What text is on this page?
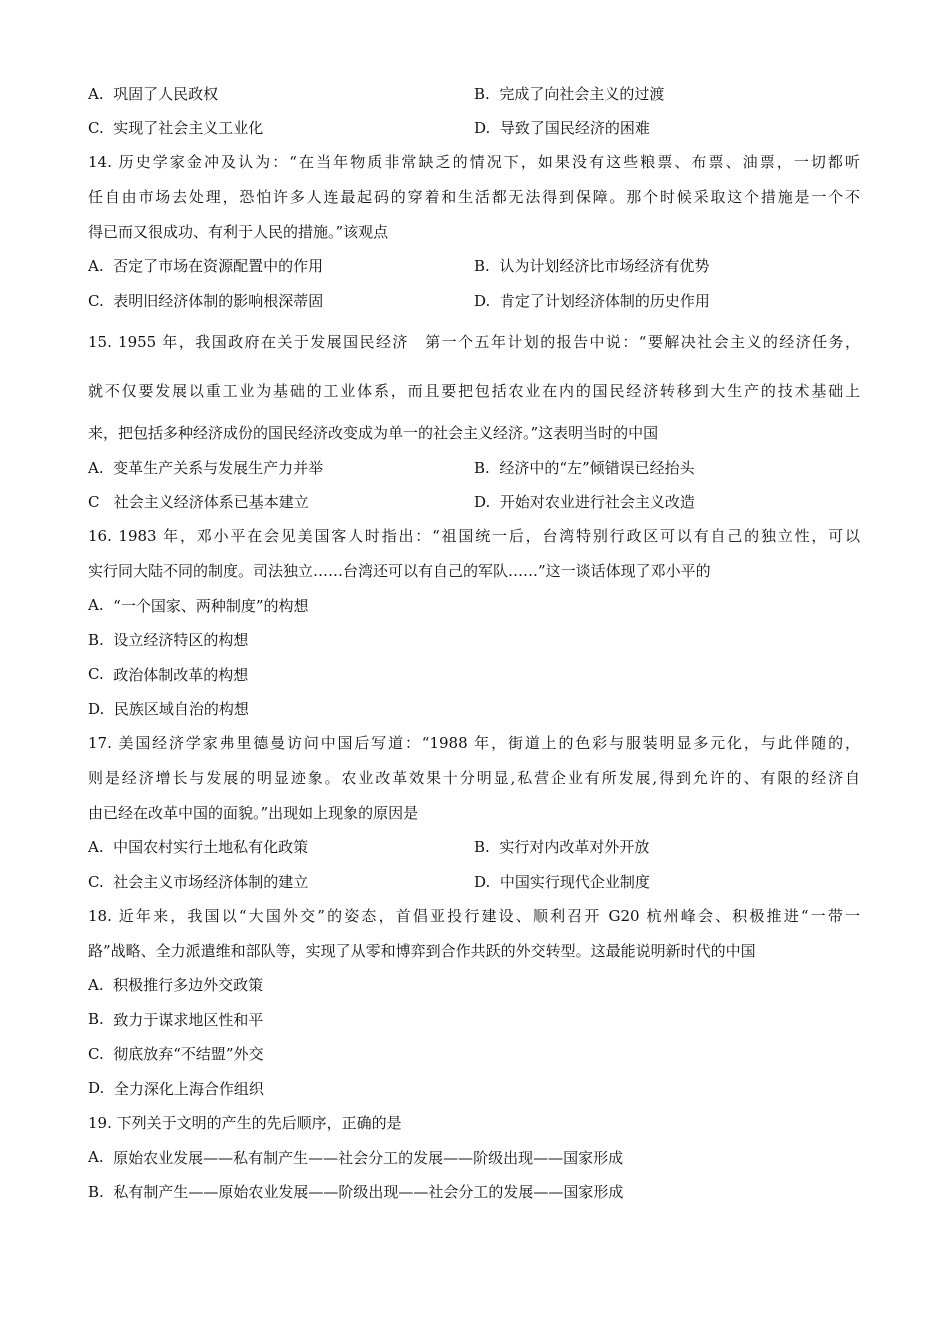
A. 巩固了人民政权	B. 完成了向社会主义的过渡
C. 实现了社会主义工业化	D. 导致了国民经济的困难
14. 历史学家金冲及认为：“在当年物质非常缺乏的情况下，如果没有这些粮票、布票、油票，一切都听
任自由市场去处理，恐怕许多人连最起码的穿着和生活都无法得到保障。那个时候采取这个措施是一个不
得已而又很成功、有利于人民的措施。”该观点
A. 否定了市场在资源配置中的作用	B. 认为计划经济比市场经济有优势
C. 表明旧经济体制的影响根深蒂固	D. 肯定了计划经济体制的历史作用
15. 1955 年，我国政府在关于发展国民经济　第一个五年计划的报告中说：“要解决社会主义的经济任务，
就不仅要发展以重工业为基础的工业体系，而且要把包括农业在内的国民经济转移到大生产的技术基础上
来，把包括多种经济成份的国民经济改变成为单一的社会主义经济。”这表明当时的中国
A. 变革生产关系与发展生产力并举	B. 经济中的“左”倾错误已经抬头
C 社会主义经济体系已基本建立	D. 开始对农业进行社会主义改造
16. 1983 年，邓小平在会见美国客人时指出：“祖国统一后，台湾特别行政区可以有自己的独立性，可以
实行同大陆不同的制度。司法独立……台湾还可以有自己的军队……”这一谈话体现了邓小平的
A.
“一个国家、两种制度”的构想
B.
设立经济特区的构想
C.
政治体制改革的构想
D.
民族区域自治的构想
17. 美国经济学家弗里德曼访问中国后写道：“1988 年，街道上的色彩与服装明显多元化，与此伴随的，
则是经济增长与发展的明显迹象。农业改革效果十分明显,私营企业有所发展,得到允许的、有限的经济自
由已经在改革中国的面貌。”出现如上现象的原因是
A. 中国农村实行土地私有化政策	B. 实行对内改革对外开放
C. 社会主义市场经济体制的建立	D. 中国实行现代企业制度
18. 近年来，我国以“大国外交”的姿态，首倡亚投行建设、顺利召开 G20 杭州峰会、积极推进“一带一
路”战略、全力派遣维和部队等，实现了从零和博弈到合作共跃的外交转型。这最能说明新时代的中国
A.
积极推行多边外交政策
B.
致力于谋求地区性和平
C.
彻底放弃“不结盟”外交
D.
全力深化上海合作组织
19. 下列关于文明的产生的先后顺序，正确的是
A.
原始农业发展——私有制产生——社会分工的发展——阶级出现——国家形成
B.
私有制产生——原始农业发展——阶级出现——社会分工的发展——国家形成
